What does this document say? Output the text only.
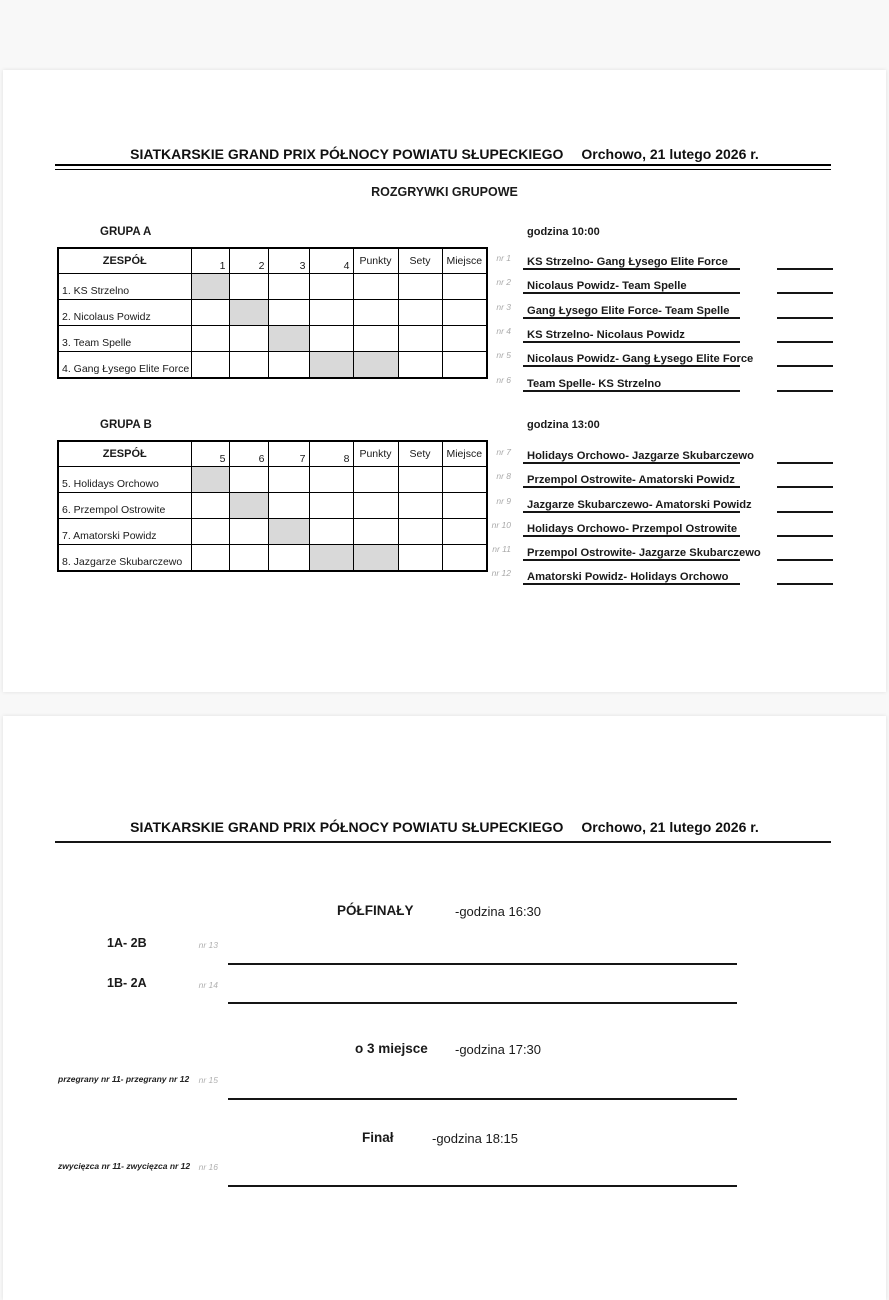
SIATKARSKIE GRAND PRIX PÓŁNOCY POWIATU SŁUPECKIEGO Orchowo, 21 lutego 2026 r.
ROZGRYWKI GRUPOWE
GRUPA A	godzina 10:00
ZESPÓŁ	1	2	3	4	Punkty	Sety	Miejsce
1. KS Strzelno							
2. Nicolaus Powidz							
3. Team Spelle							
4. Gang Łysego Elite Force							
nr 1 KS Strzelno- Gang Łysego Elite Force
nr 2 Nicolaus Powidz- Team Spelle
nr 3 Gang Łysego Elite Force- Team Spelle
nr 4 KS Strzelno- Nicolaus Powidz
nr 5 Nicolaus Powidz- Gang Łysego Elite Force
nr 6 Team Spelle- KS Strzelno
GRUPA B	godzina 13:00
ZESPÓŁ	5	6	7	8	Punkty	Sety	Miejsce
5. Holidays Orchowo							
6. Przempol Ostrowite							
7. Amatorski Powidz							
8. Jazgarze Skubarczewo							
nr 7 Holidays Orchowo- Jazgarze Skubarczewo
nr 8 Przempol Ostrowite- Amatorski Powidz
nr 9 Jazgarze Skubarczewo- Amatorski Powidz
nr 10 Holidays Orchowo- Przempol Ostrowite
nr 11 Przempol Ostrowite- Jazgarze Skubarczewo
nr 12 Amatorski Powidz- Holidays Orchowo
SIATKARSKIE GRAND PRIX PÓŁNOCY POWIATU SŁUPECKIEGO Orchowo, 21 lutego 2026 r.
PÓŁFINAŁY	-godzina 16:30
1A- 2B	nr 13
1B- 2A	nr 14
o 3 miejsce -godzina 17:30
przegrany nr 11- przegrany nr 12	nr 15
Finał	-godzina 18:15
zwycięzca nr 11- zwycięzca nr 12 nr 16
